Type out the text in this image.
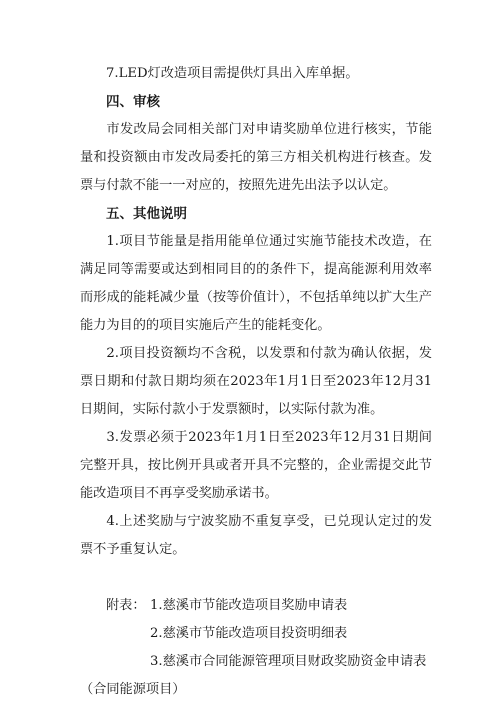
7.LED灯改造项目需提供灯具出入库单据。

四、审核

市发改局会同相关部门对申请奖励单位进行核实，节能量和投资额由市发改局委托的第三方相关机构进行核查。发票与付款不能一一对应的，按照先进先出法予以认定。

五、其他说明

1.项目节能量是指用能单位通过实施节能技术改造，在满足同等需要或达到相同目的的条件下，提高能源利用效率而形成的能耗减少量（按等价值计），不包括单纯以扩大生产能力为目的的项目实施后产生的能耗变化。

2.项目投资额均不含税，以发票和付款为确认依据，发票日期和付款日期均须在2023年1月1日至2023年12月31日期间，实际付款小于发票额时，以实际付款为准。

3.发票必须于2023年1月1日至2023年12月31日期间完整开具，按比例开具或者开具不完整的，企业需提交此节能改造项目不再享受奖励承诺书。

4.上述奖励与宁波奖励不重复享受，已兑现认定过的发票不予重复认定。

附表： 1.慈溪市节能改造项目奖励申请表

2.慈溪市节能改造项目投资明细表

3.慈溪市合同能源管理项目财政奖励资金申请表

（合同能源项目）
